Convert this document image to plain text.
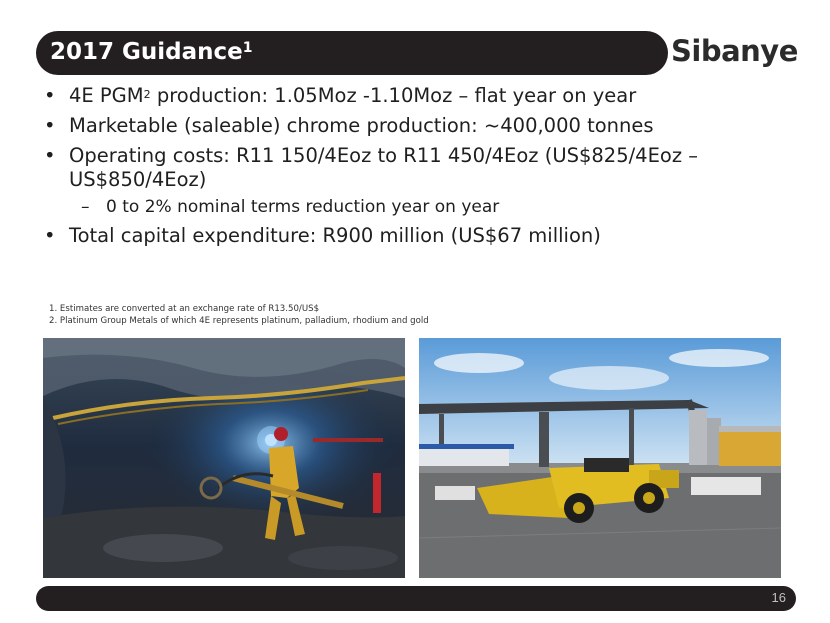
2017 Guidance$^1$	Sibanye
• 4E PGM$^2$ production: 1.05Moz -1.10Moz – flat year on year
• Marketable (saleable) chrome production: ~400,000 tonnes
• Operating costs: R11 150/4Eoz to R11 450/4Eoz (US$825/4Eoz – US$850/4Eoz)
– 0 to 2% nominal terms reduction year on year
• Total capital expenditure: R900 million (US$67 million)
1. Estimates are converted at an exchange rate of R13.50/US$
2. Platinum Group Metals of which 4E represents platinum, palladium, rhodium and gold
16
